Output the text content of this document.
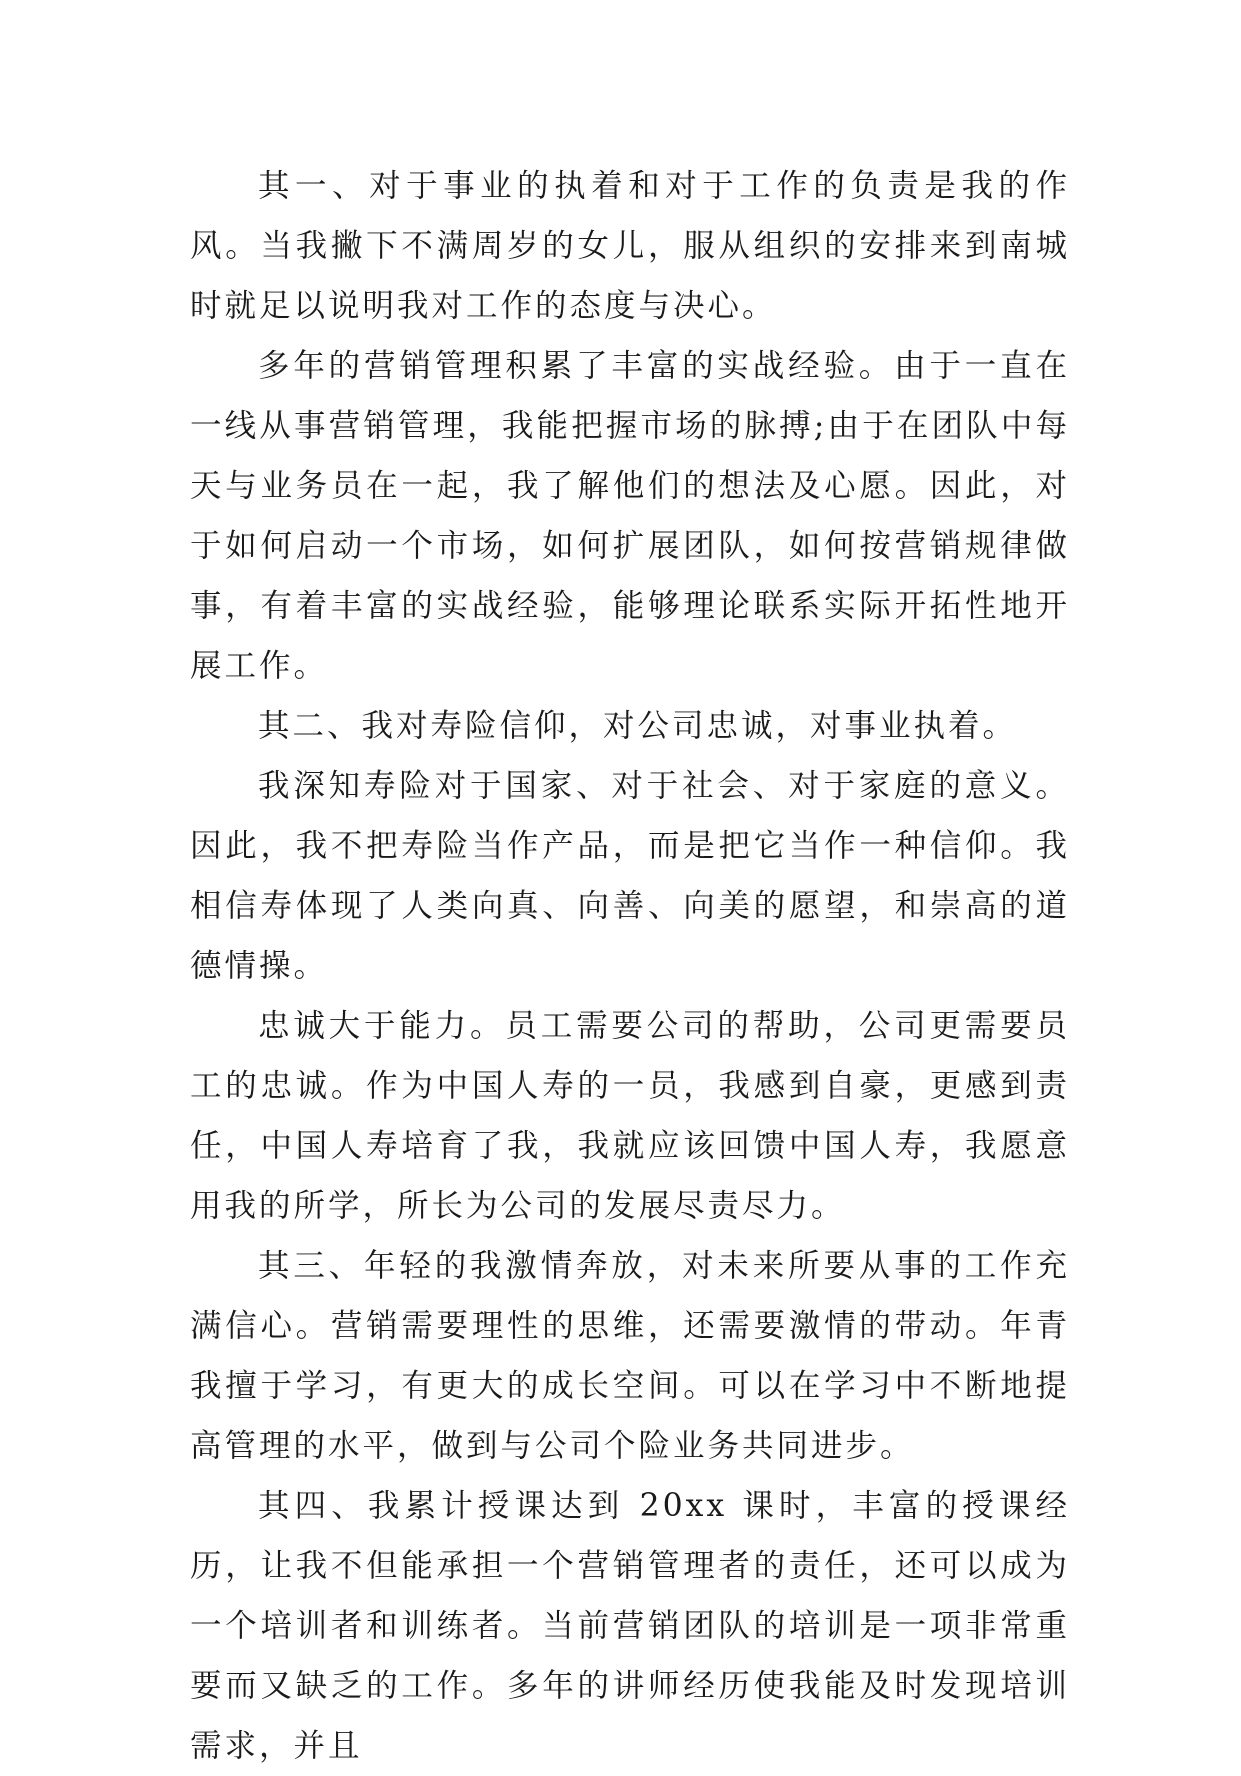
其一、对于事业的执着和对于工作的负责是我的作风。当我撇下不满周岁的女儿，服从组织的安排来到南城时就足以说明我对工作的态度与决心。

多年的营销管理积累了丰富的实战经验。由于一直在一线从事营销管理，我能把握市场的脉搏;由于在团队中每天与业务员在一起，我了解他们的想法及心愿。因此，对于如何启动一个市场，如何扩展团队，如何按营销规律做事，有着丰富的实战经验，能够理论联系实际开拓性地开展工作。

其二、我对寿险信仰，对公司忠诚，对事业执着。

我深知寿险对于国家、对于社会、对于家庭的意义。因此，我不把寿险当作产品，而是把它当作一种信仰。我相信寿体现了人类向真、向善、向美的愿望，和崇高的道德情操。

忠诚大于能力。员工需要公司的帮助，公司更需要员工的忠诚。作为中国人寿的一员，我感到自豪，更感到责任，中国人寿培育了我，我就应该回馈中国人寿，我愿意用我的所学，所长为公司的发展尽责尽力。

其三、年轻的我激情奔放，对未来所要从事的工作充满信心。营销需要理性的思维，还需要激情的带动。年青我擅于学习，有更大的成长空间。可以在学习中不断地提高管理的水平，做到与公司个险业务共同进步。

其四、我累计授课达到 20xx 课时，丰富的授课经历，让我不但能承担一个营销管理者的责任，还可以成为一个培训者和训练者。当前营销团队的培训是一项非常重要而又缺乏的工作。多年的讲师经历使我能及时发现培训需求，并且
